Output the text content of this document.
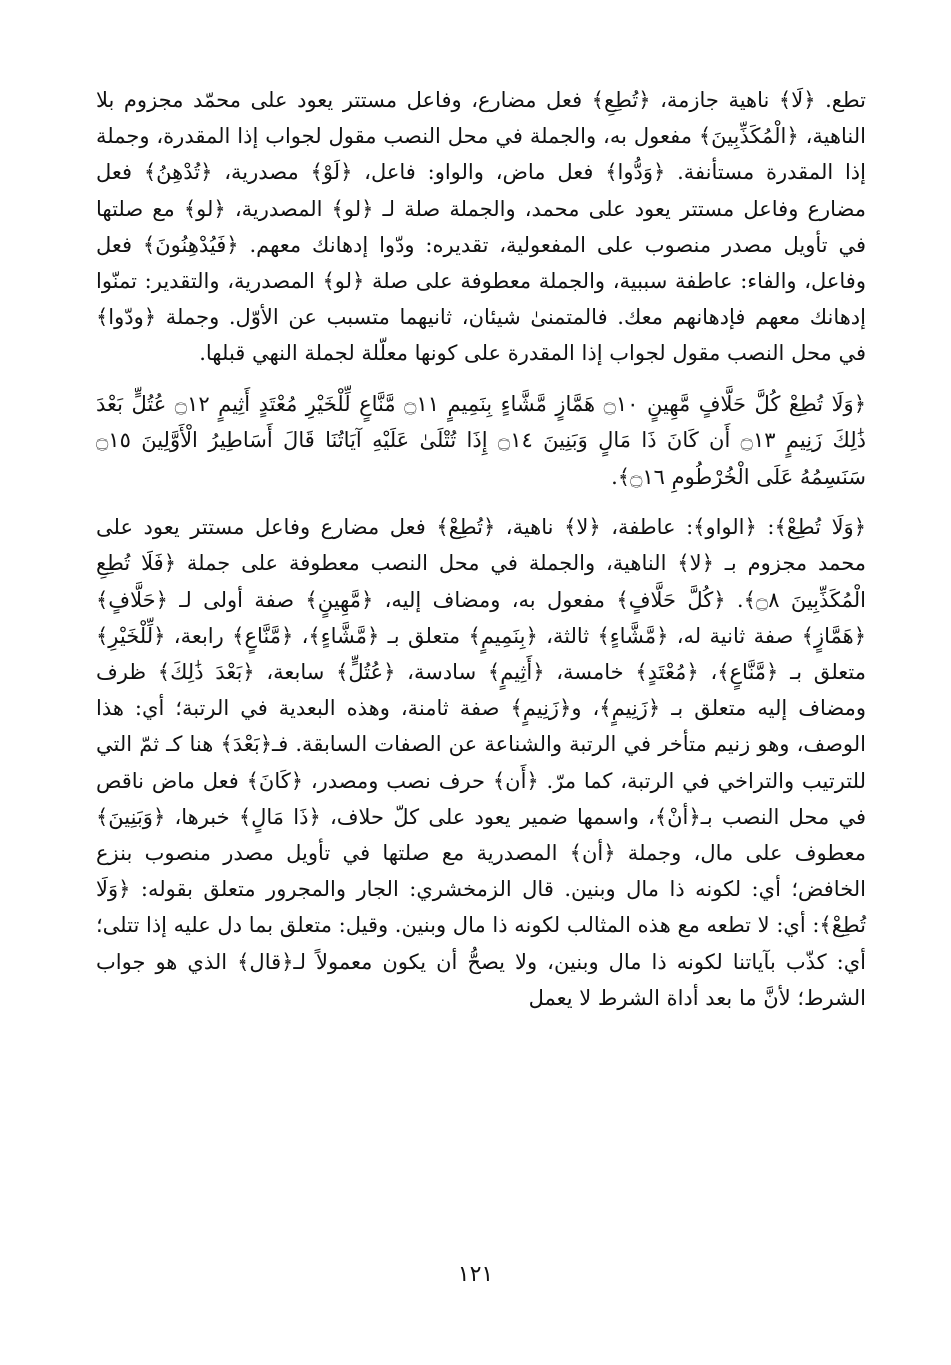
تطع. ﴿لَا﴾ ناهية جازمة، ﴿تُطِعِ﴾ فعل مضارع، وفاعل مستتر يعود على محمّد مجزوم بلا الناهية، ﴿الْمُكَذِّبِينَ﴾ مفعول به، والجملة في محل النصب مقول لجواب إذا المقدرة، وجملة إذا المقدرة مستأنفة. ﴿وَدُّوا﴾ فعل ماض، والواو: فاعل، ﴿لَوْ﴾ مصدرية، ﴿تُدْهِنُ﴾ فعل مضارع وفاعل مستتر يعود على محمد، والجملة صلة لـ ﴿لو﴾ المصدرية، ﴿لو﴾ مع صلتها في تأويل مصدر منصوب على المفعولية، تقديره: ودّوا إدهانك معهم. ﴿فَيُدْهِنُونَ﴾ فعل وفاعل، والفاء: عاطفة سببية، والجملة معطوفة على صلة ﴿لو﴾ المصدرية، والتقدير: تمنّوا إدهانك معهم فإدهانهم معك. فالمتمنىٰ شيئان، ثانيهما متسبب عن الأوّل. وجملة ﴿ودّوا﴾ في محل النصب مقول لجواب إذا المقدرة على كونها معلّلة لجملة النهي قبلها.

﴿وَلَا تُطِعْ كُلَّ حَلَّافٍ مَّهِينٍ ۝١٠ هَمَّازٍ مَّشَّاءٍ بِنَمِيمٍ ۝١١ مَّنَّاعٍ لِّلْخَيْرِ مُعْتَدٍ أَثِيمٍ ۝١٢ عُتُلٍّ بَعْدَ ذَٰلِكَ زَنِيمٍ ۝١٣ أَن كَانَ ذَا مَالٍ وَبَنِينَ ۝١٤ إِذَا تُتْلَىٰ عَلَيْهِ آيَاتُنَا قَالَ أَسَاطِيرُ الْأَوَّلِينَ ۝١٥ سَنَسِمُهُ عَلَى الْخُرْطُومِ ۝١٦﴾.

﴿وَلَا تُطِعْ﴾: ﴿الواو﴾: عاطفة، ﴿لا﴾ ناهية، ﴿تُطِعْ﴾ فعل مضارع وفاعل مستتر يعود على محمد مجزوم بـ ﴿لا﴾ الناهية، والجملة في محل النصب معطوفة على جملة ﴿فَلَا تُطِعِ الْمُكَذِّبِينَ ۝٨﴾. ﴿كُلَّ حَلَّافٍ﴾ مفعول به، ومضاف إليه، ﴿مَّهِينٍ﴾ صفة أولى لـ ﴿حَلَّافٍ﴾ ﴿هَمَّازٍ﴾ صفة ثانية له، ﴿مَّشَّاءٍ﴾ ثالثة، ﴿بِنَمِيمٍ﴾ متعلق بـ ﴿مَّشَّاءٍ﴾، ﴿مَّنَّاعٍ﴾ رابعة، ﴿لِّلْخَيْرِ﴾ متعلق بـ ﴿مَّنَّاعٍ﴾، ﴿مُعْتَدٍ﴾ خامسة، ﴿أَثِيمٍ﴾ سادسة، ﴿عُتُلٍّ﴾ سابعة، ﴿بَعْدَ ذَٰلِكَ﴾ ظرف ومضاف إليه متعلق بـ ﴿زَنِيمٍ﴾، و﴿زَنِيمٍ﴾ صفة ثامنة، وهذه البعدية في الرتبة؛ أي: هذا الوصف، وهو زنيم متأخر في الرتبة والشناعة عن الصفات السابقة. فـ﴿بَعْدَ﴾ هنا كـ ثمّ التي للترتيب والتراخي في الرتبة، كما مرّ. ﴿أَن﴾ حرف نصب ومصدر، ﴿كَانَ﴾ فعل ماض ناقص في محل النصب بـ﴿أنْ﴾، واسمها ضمير يعود على كلّ حلاف، ﴿ذَا مَالٍ﴾ خبرها، ﴿وَبَنِينَ﴾ معطوف على مال، وجملة ﴿أن﴾ المصدرية مع صلتها في تأويل مصدر منصوب بنزع الخافض؛ أي: لكونه ذا مال وبنين. قال الزمخشري: الجار والمجرور متعلق بقوله: ﴿وَلَا تُطِعْ﴾: أي: لا تطعه مع هذه المثالب لكونه ذا مال وبنين. وقيل: متعلق بما دل عليه إذا تتلى؛ أي: كذّب بآياتنا لكونه ذا مال وبنين، ولا يصحُّ أن يكون معمولاً لـ﴿قال﴾ الذي هو جواب الشرط؛ لأنَّ ما بعد أداة الشرط لا يعمل

١٢١
